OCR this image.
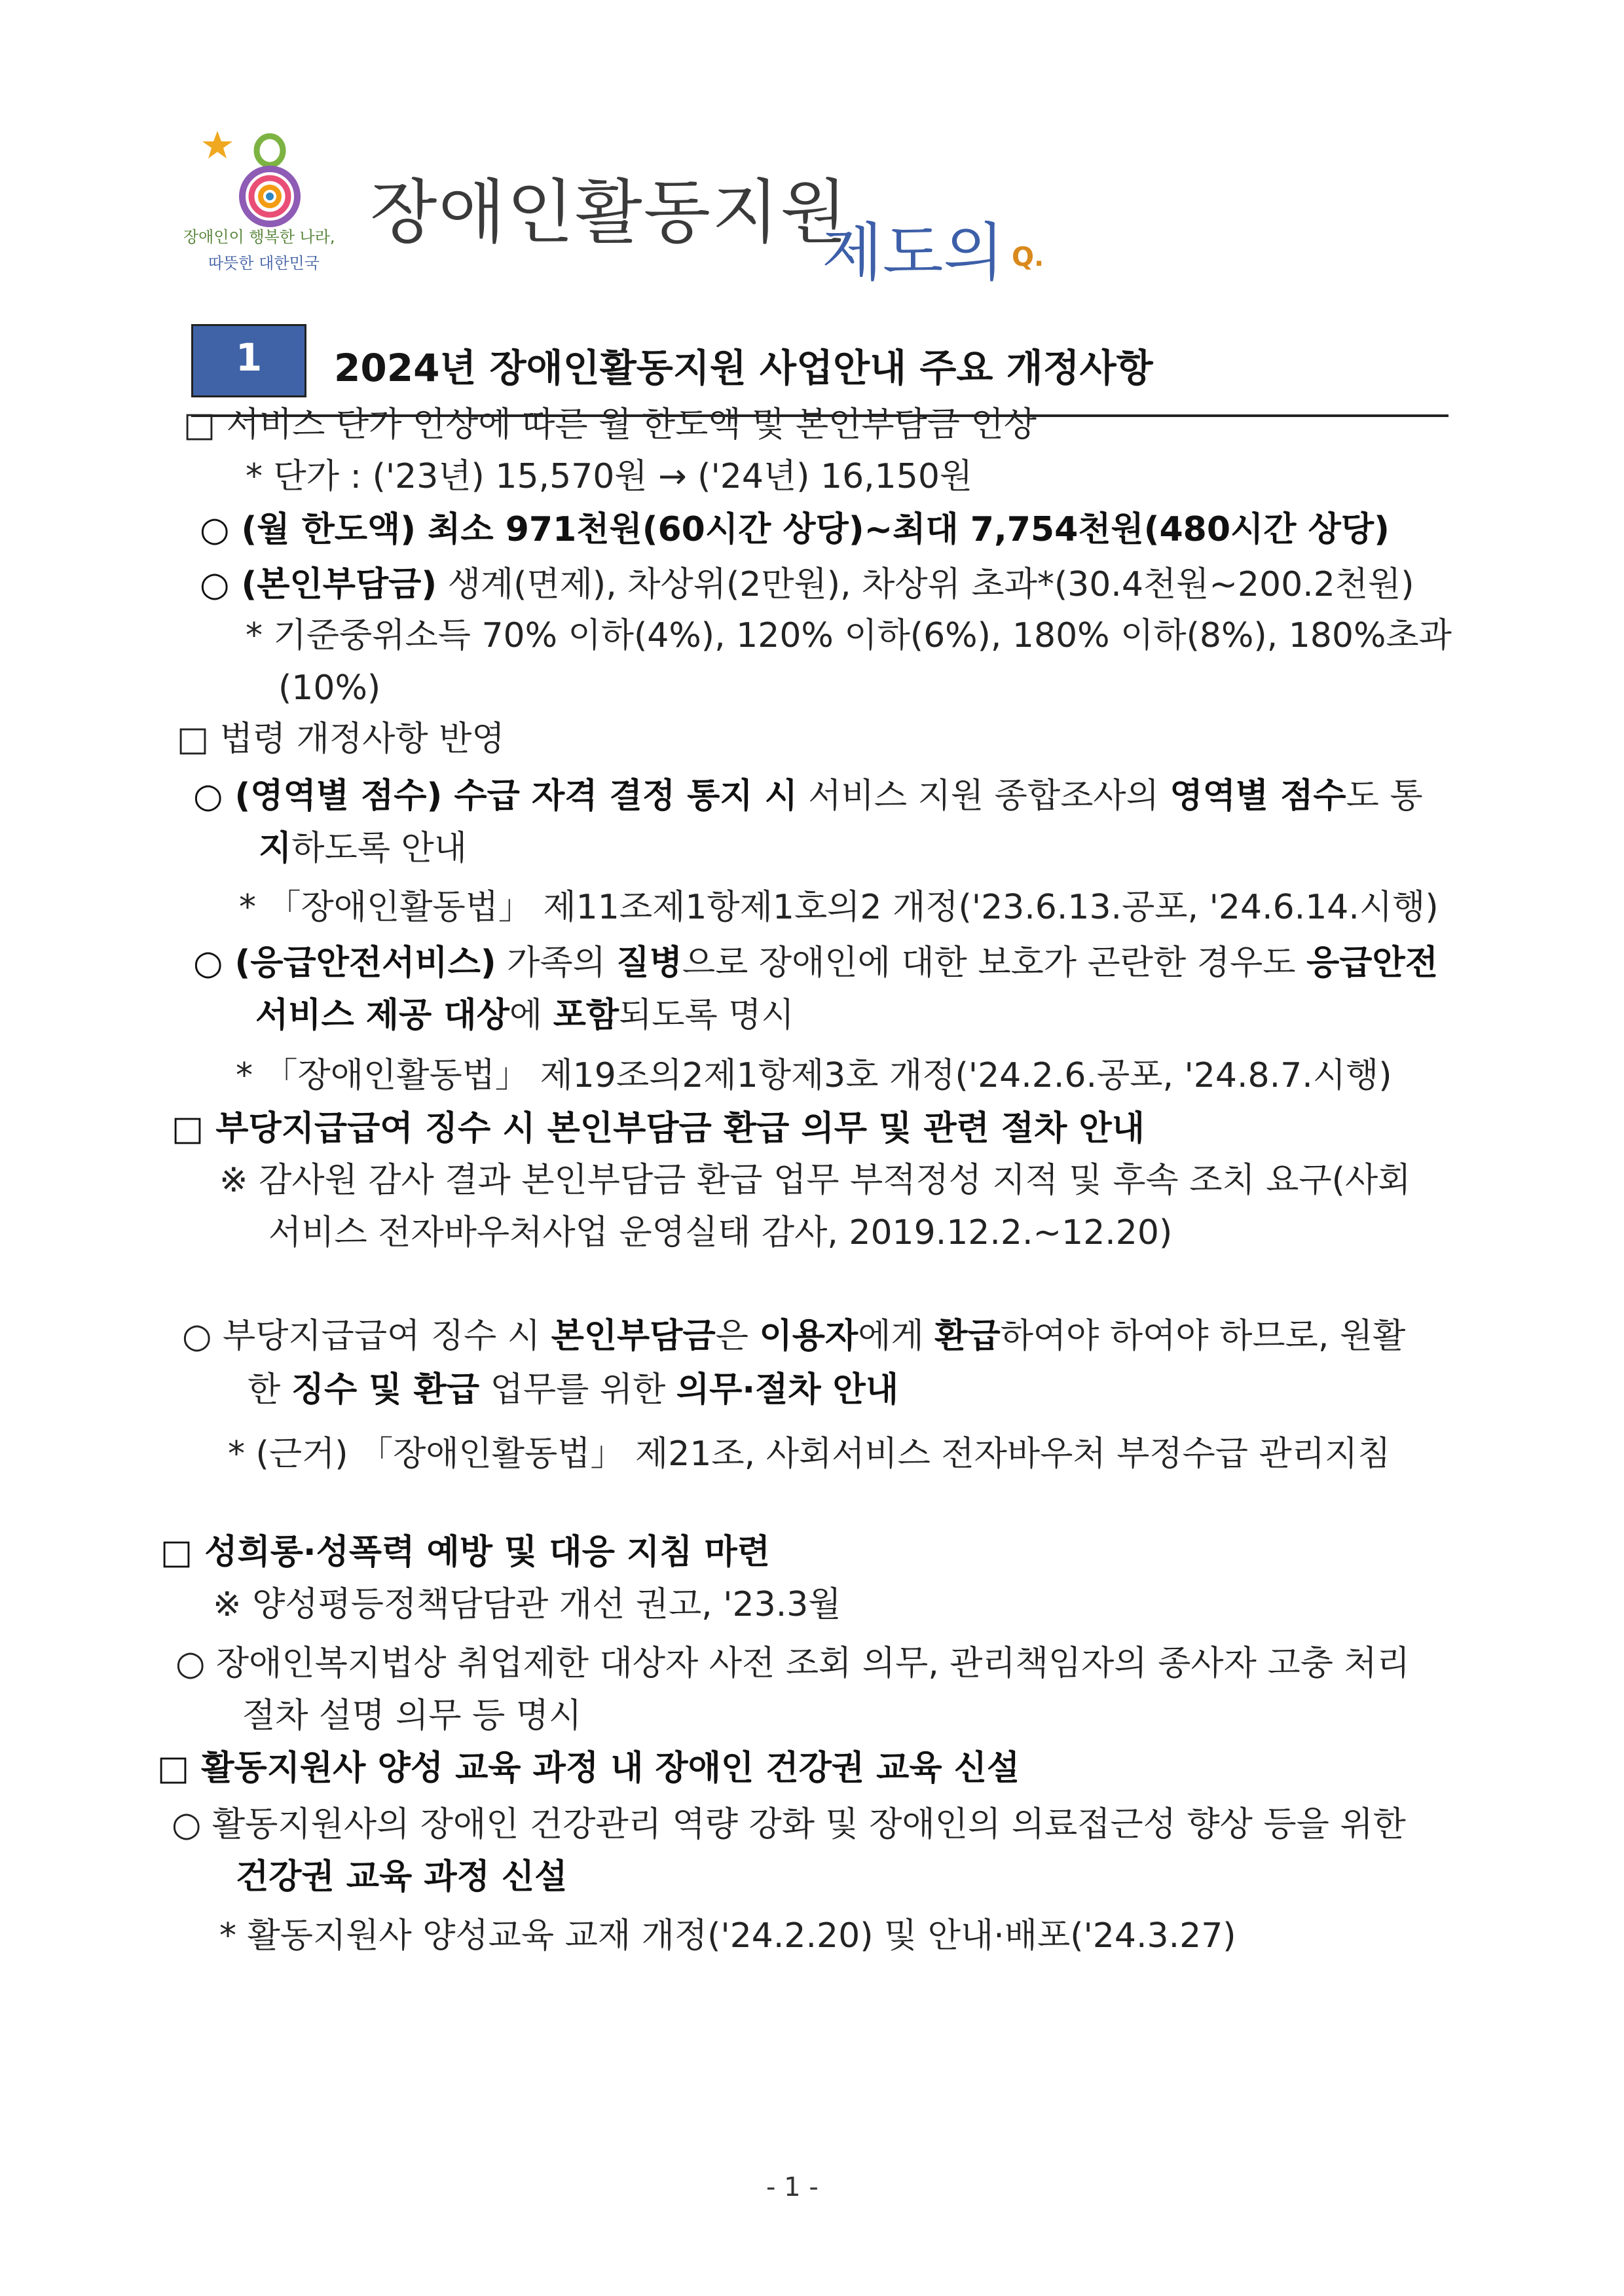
장애인이 행복한 나라,
따뜻한 대한민국
장애인활동지원
제도의 Q.
1	2024년 장애인활동지원 사업안내 주요 개정사항
□ 서비스 단가 인상에 따른 월 한도액 및 본인부담금 인상
* 단가 : ('23년) 15,570원 → ('24년) 16,150원
○ (월 한도액) 최소 971천원(60시간 상당)~최대 7,754천원(480시간 상당)
○ (본인부담금) 생계(면제), 차상위(2만원), 차상위 초과*(30.4천원~200.2천원)
* 기준중위소득 70% 이하(4%), 120% 이하(6%), 180% 이하(8%), 180%초과
(10%)
□ 법령 개정사항 반영
○ (영역별 점수) 수급 자격 결정 통지 시 서비스 지원 종합조사의 영역별 점수도 통
지하도록 안내
* 「장애인활동법」 제11조제1항제1호의2 개정('23.6.13.공포, '24.6.14.시행)
○ (응급안전서비스) 가족의 질병으로 장애인에 대한 보호가 곤란한 경우도 응급안전
서비스 제공 대상에 포함되도록 명시
* 「장애인활동법」 제19조의2제1항제3호 개정('24.2.6.공포, '24.8.7.시행)
□ 부당지급급여 징수 시 본인부담금 환급 의무 및 관련 절차 안내
※ 감사원 감사 결과 본인부담금 환급 업무 부적정성 지적 및 후속 조치 요구(사회
서비스 전자바우처사업 운영실태 감사, 2019.12.2.~12.20)
○ 부당지급급여 징수 시 본인부담금은 이용자에게 환급하여야 하여야 하므로, 원활
한 징수 및 환급 업무를 위한 의무·절차 안내
* (근거) 「장애인활동법」 제21조, 사회서비스 전자바우처 부정수급 관리지침
□ 성희롱·성폭력 예방 및 대응 지침 마련
※ 양성평등정책담담관 개선 권고, '23.3월
○ 장애인복지법상 취업제한 대상자 사전 조회 의무, 관리책임자의 종사자 고충 처리
절차 설명 의무 등 명시
□ 활동지원사 양성 교육 과정 내 장애인 건강권 교육 신설
○ 활동지원사의 장애인 건강관리 역량 강화 및 장애인의 의료접근성 향상 등을 위한
건강권 교육 과정 신설
* 활동지원사 양성교육 교재 개정('24.2.20) 및 안내·배포('24.3.27)
- 1 -
